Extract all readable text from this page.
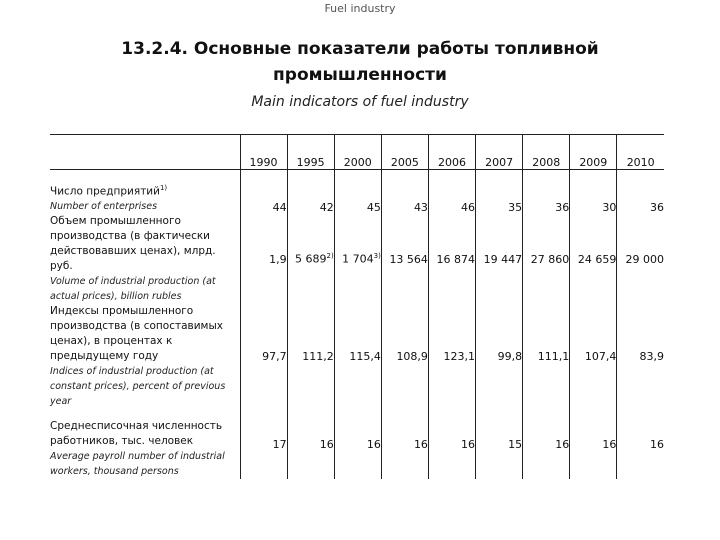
Fuel industry
13.2.4. Основные показатели работы топливной
промышленности
Main indicators of fuel industry
	1990	1995	2000	2005	2006	2007	2008	2009	2010

Число предприятий$^{1)}$
Number of enterprises	44	42	45	43	46	35	36	30	36

Объем промышленного производства (в фактически действовавших ценах), млрд. руб.
Volume of industrial production (at actual prices), billion rubles	1,9	5 689$^{2)}$	1 704$^{3)}$	13 564	16 874	19 447	27 860	24 659	29 000

Индексы промышленного производства (в сопоставимых ценах), в процентах к предыдущему году
Indices of industrial production (at constant prices), percent of previous year	97,7	111,2	115,4	108,9	123,1	99,8	111,1	107,4	83,9

Среднесписочная численность работников, тыс. человек
Average payroll number of industrial workers, thousand persons	17	16	16	16	16	15	16	16	16
